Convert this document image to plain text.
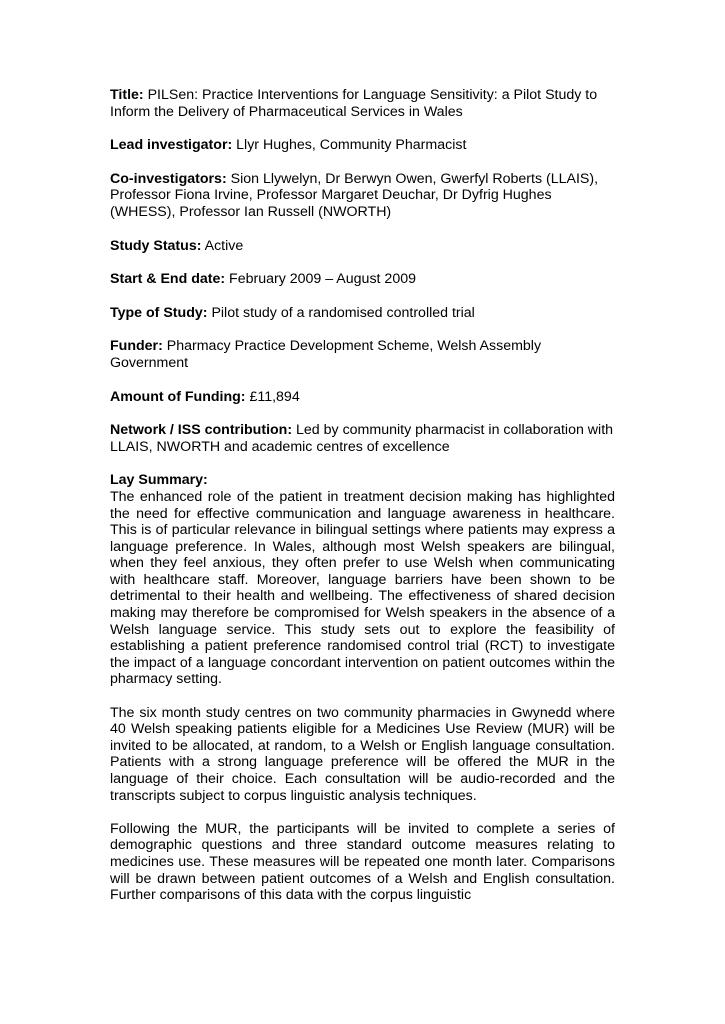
Title: PILSen: Practice Interventions for Language Sensitivity: a Pilot Study to Inform the Delivery of Pharmaceutical Services in Wales
Lead investigator: Llyr Hughes, Community Pharmacist
Co-investigators: Sion Llywelyn, Dr Berwyn Owen, Gwerfyl Roberts (LLAIS), Professor Fiona Irvine, Professor Margaret Deuchar, Dr Dyfrig Hughes (WHESS), Professor Ian Russell (NWORTH)
Study Status: Active
Start & End date: February 2009 – August 2009
Type of Study: Pilot study of a randomised controlled trial
Funder: Pharmacy Practice Development Scheme, Welsh Assembly Government
Amount of Funding: £11,894
Network / ISS contribution: Led by community pharmacist in collaboration with LLAIS, NWORTH and academic centres of excellence
Lay Summary:

The enhanced role of the patient in treatment decision making has highlighted the need for effective communication and language awareness in healthcare. This is of particular relevance in bilingual settings where patients may express a language preference. In Wales, although most Welsh speakers are bilingual, when they feel anxious, they often prefer to use Welsh when communicating with healthcare staff. Moreover, language barriers have been shown to be detrimental to their health and wellbeing. The effectiveness of shared decision making may therefore be compromised for Welsh speakers in the absence of a Welsh language service. This study sets out to explore the feasibility of establishing a patient preference randomised control trial (RCT) to investigate the impact of a language concordant intervention on patient outcomes within the pharmacy setting.

The six month study centres on two community pharmacies in Gwynedd where 40 Welsh speaking patients eligible for a Medicines Use Review (MUR) will be invited to be allocated, at random, to a Welsh or English language consultation. Patients with a strong language preference will be offered the MUR in the language of their choice. Each consultation will be audio-recorded and the transcripts subject to corpus linguistic analysis techniques.

Following the MUR, the participants will be invited to complete a series of demographic questions and three standard outcome measures relating to medicines use. These measures will be repeated one month later. Comparisons will be drawn between patient outcomes of a Welsh and English consultation. Further comparisons of this data with the corpus linguistic
